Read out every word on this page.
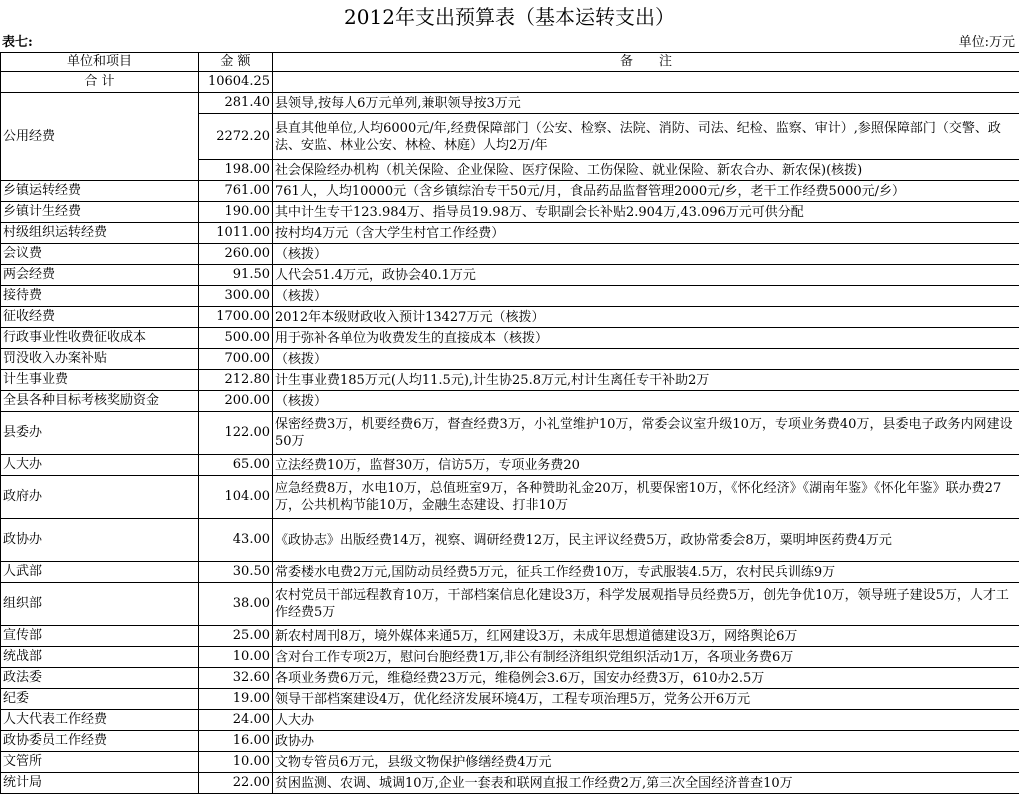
2012年支出预算表（基本运转支出）
表七:	单位:万元
单位和项目	金 额	备　　注
合 计	10604.25	
公用经费	281.40	县领导,按每人6万元单列,兼职领导按3万元
	2272.20	县直其他单位,人均6000元/年,经费保障部门（公安、检察、法院、消防、司法、纪检、监察、审计）,参照保障部门（交警、政法、安监、林业公安、林检、林庭）人均2万/年
	198.00	社会保险经办机构（机关保险、企业保险、医疗保险、工伤保险、就业保险、新农合办、新农保)(核拨)
乡镇运转经费	761.00	761人，人均10000元（含乡镇综治专干50元/月，食品药品监督管理2000元/乡，老干工作经费5000元/乡）
乡镇计生经费	190.00	其中计生专干123.984万、指导员19.98万、专职副会长补贴2.904万,43.096万元可供分配
村级组织运转经费	1011.00	按村均4万元（含大学生村官工作经费）
会议费	260.00	（核拨）
两会经费	91.50	人代会51.4万元，政协会40.1万元
接待费	300.00	（核拨）
征收经费	1700.00	2012年本级财政收入预计13427万元（核拨）
行政事业性收费征收成本	500.00	用于弥补各单位为收费发生的直接成本（核拨）
罚没收入办案补贴	700.00	（核拨）
计生事业费	212.80	计生事业费185万元(人均11.5元),计生协25.8万元,村计生离任专干补助2万
全县各种目标考核奖励资金	200.00	（核拨）
县委办	122.00	保密经费3万，机要经费6万，督查经费3万，小礼堂维护10万，常委会议室升级10万，专项业务费40万，县委电子政务内网建设50万
人大办	65.00	立法经费10万，监督30万，信访5万，专项业务费20
政府办	104.00	应急经费8万，水电10万，总值班室9万，各种赞助礼金20万，机要保密10万，《怀化经济》《湖南年鉴》《怀化年鉴》联办费27万，公共机构节能10万，金融生态建设、打非10万
政协办	43.00	《政协志》出版经费14万，视察、调研经费12万，民主评议经费5万，政协常委会8万，粟明坤医药费4万元
人武部	30.50	常委楼水电费2万元,国防动员经费5万元，征兵工作经费10万，专武服装4.5万，农村民兵训练9万
组织部	38.00	农村党员干部远程教育10万，干部档案信息化建设3万，科学发展观指导员经费5万，创先争优10万，领导班子建设5万，人才工作经费5万
宣传部	25.00	新农村周刊8万，境外媒体来通5万，红网建设3万，未成年思想道德建设3万，网络舆论6万
统战部	10.00	含对台工作专项2万，慰问台胞经费1万,非公有制经济组织党组织活动1万，各项业务费6万
政法委	32.60	各项业务费6万元，维稳经费23万元，维稳例会3.6万，国安办经费3万，610办2.5万
纪委	19.00	领导干部档案建设4万，优化经济发展环境4万，工程专项治理5万，党务公开6万元
人大代表工作经费	24.00	人大办
政协委员工作经费	16.00	政协办
文管所	10.00	文物专管员6万元，县级文物保护修缮经费4万元
统计局	22.00	贫困监测、农调、城调10万,企业一套表和联网直报工作经费2万,第三次全国经济普查10万
